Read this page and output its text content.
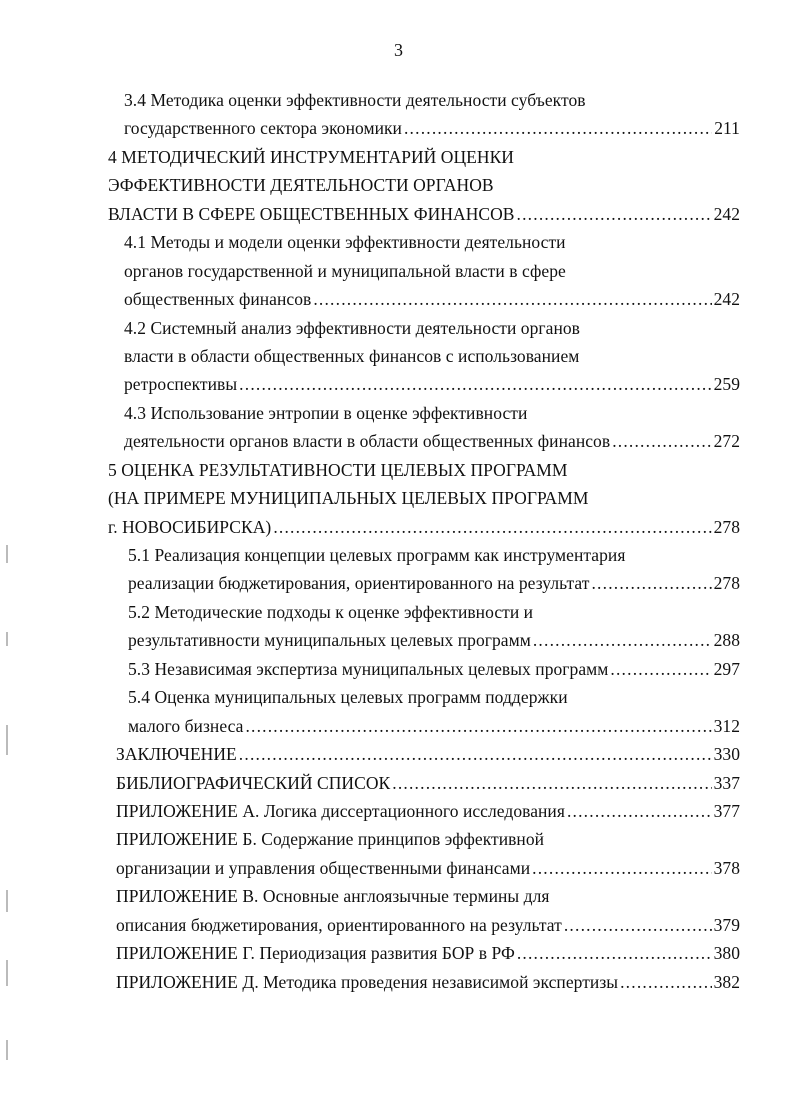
3
3.4 Методика оценки эффективности деятельности субъектов
государственного сектора экономики .....	211
4 МЕТОДИЧЕСКИЙ ИНСТРУМЕНТАРИЙ ОЦЕНКИ
ЭФФЕКТИВНОСТИ ДЕЯТЕЛЬНОСТИ ОРГАНОВ
ВЛАСТИ В СФЕРЕ ОБЩЕСТВЕННЫХ ФИНАНСОВ .....	242
4.1 Методы и модели оценки эффективности деятельности
органов государственной и муниципальной власти в сфере
общественных финансов .....	242
4.2 Системный анализ эффективности деятельности органов
власти в области общественных финансов с использованием
ретроспективы .....	259
4.3 Использование энтропии в оценке эффективности
деятельности органов власти в области общественных финансов .....	272
5 ОЦЕНКА РЕЗУЛЬТАТИВНОСТИ ЦЕЛЕВЫХ ПРОГРАММ
(НА ПРИМЕРЕ МУНИЦИПАЛЬНЫХ ЦЕЛЕВЫХ ПРОГРАММ
г. НОВОСИБИРСКА) .....	278
5.1 Реализация концепции целевых программ как инструментария
реализации бюджетирования, ориентированного на результат .....	278
5.2 Методические подходы к оценке эффективности и
результативности муниципальных целевых программ .....	288
5.3 Независимая экспертиза муниципальных целевых программ .....	297
5.4 Оценка муниципальных целевых программ поддержки
малого бизнеса .....	312
ЗАКЛЮЧЕНИЕ .....	330
БИБЛИОГРАФИЧЕСКИЙ СПИСОК .....	337
ПРИЛОЖЕНИЕ А. Логика диссертационного исследования .....	377
ПРИЛОЖЕНИЕ Б. Содержание принципов эффективной
организации и управления общественными финансами .....	378
ПРИЛОЖЕНИЕ В. Основные англоязычные термины для
описания бюджетирования, ориентированного на результат .....	379
ПРИЛОЖЕНИЕ Г. Периодизация развития БОР в РФ .....	380
ПРИЛОЖЕНИЕ Д. Методика проведения независимой экспертизы .....	382
